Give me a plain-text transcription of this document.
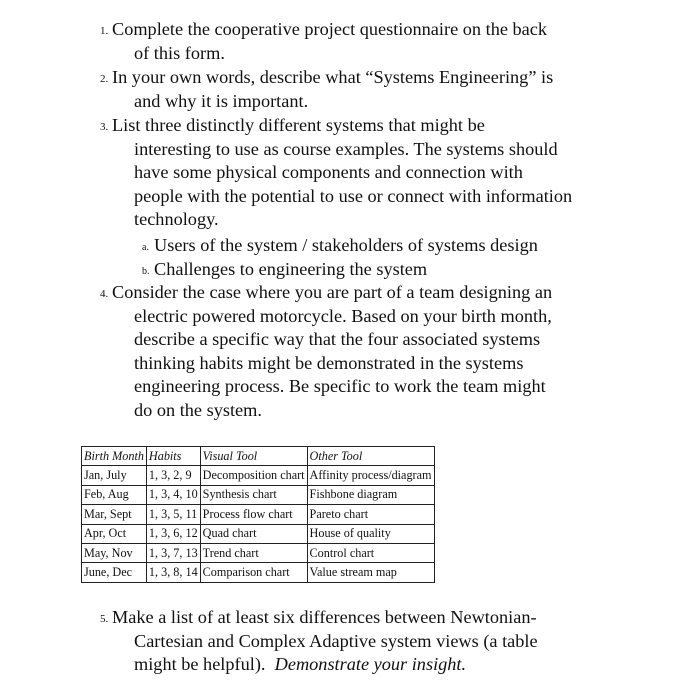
1. Complete the cooperative project questionnaire on the back
of this form.
2. In your own words, describe what “Systems Engineering” is
and why it is important.
3. List three distinctly different systems that might be
interesting to use as course examples. The systems should
have some physical components and connection with
people with the potential to use or connect with information
technology.
a. Users of the system / stakeholders of systems design
b. Challenges to engineering the system
4. Consider the case where you are part of a team designing an
electric powered motorcycle. Based on your birth month,
describe a specific way that the four associated systems
thinking habits might be demonstrated in the systems
engineering process. Be specific to work the team might
do on the system.
Birth Month	Habits	Visual Tool	Other Tool
Jan, July	1, 3, 2, 9	Decomposition chart	Affinity process/diagram
Feb, Aug	1, 3, 4, 10	Synthesis chart	Fishbone diagram
Mar, Sept	1, 3, 5, 11	Process flow chart	Pareto chart
Apr, Oct	1, 3, 6, 12	Quad chart	House of quality
May, Nov	1, 3, 7, 13	Trend chart	Control chart
June, Dec	1, 3, 8, 14	Comparison chart	Value stream map
5. Make a list of at least six differences between Newtonian-
Cartesian and Complex Adaptive system views (a table
might be helpful). Demonstrate your insight.
